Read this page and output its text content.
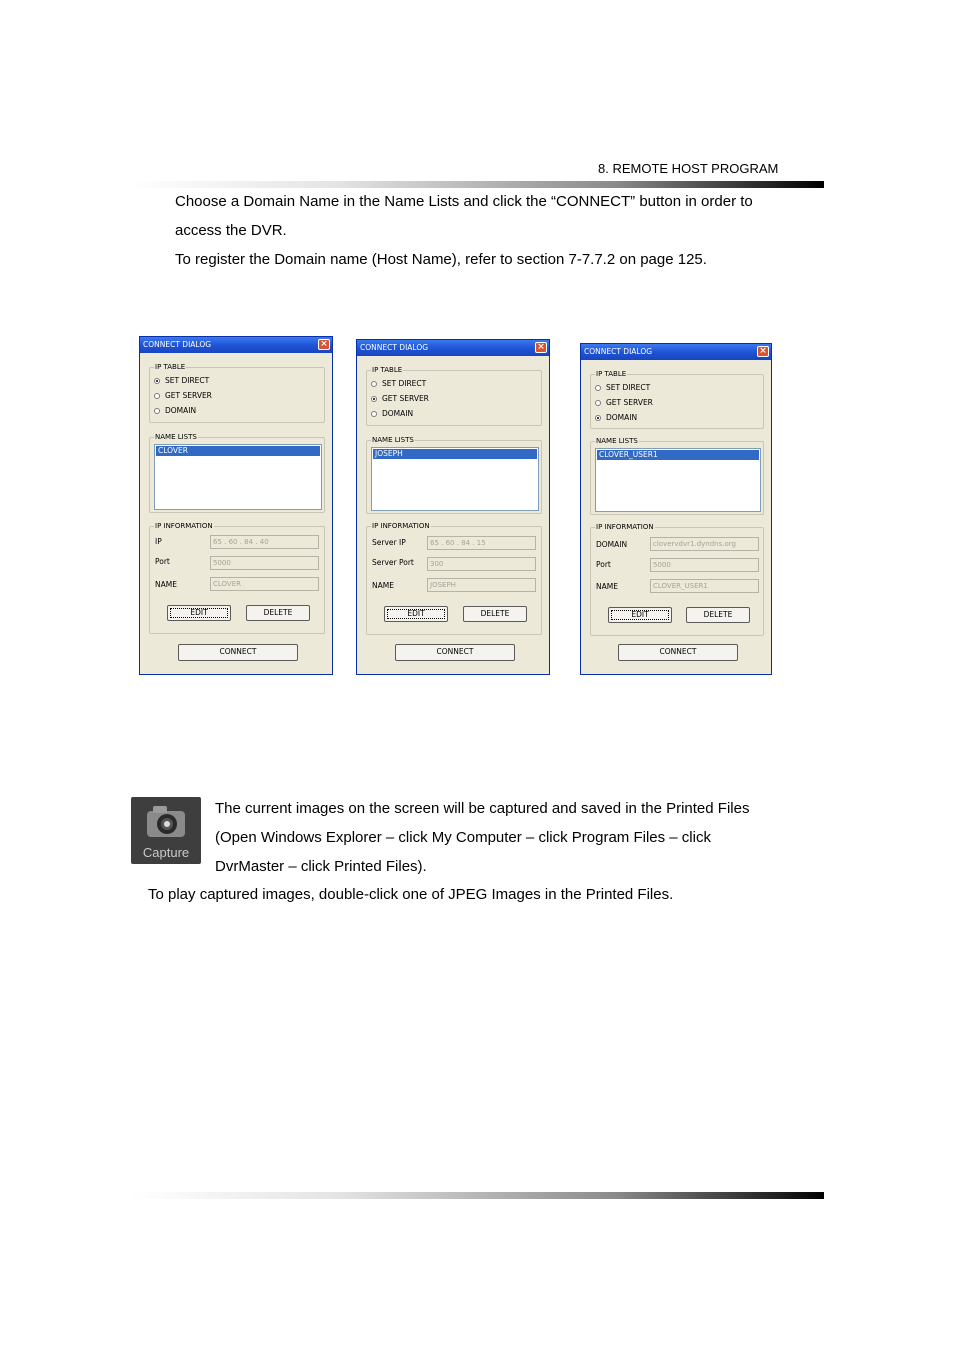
8. REMOTE HOST PROGRAM

Choose a Domain Name in the Name Lists and click the “CONNECT” button in order to

access the DVR.

To register the Domain name (Host Name), refer to section 7-7.7.2 on page 125.

CONNECT DIALOG	×
IP TABLE
SET DIRECT
GET SERVER
DOMAIN
NAME LISTS
CLOVER
IP INFORMATION
IP	65 . 60 . 84 . 40
Port	5000
NAME	CLOVER
EDIT	DELETE
CONNECT
CONNECT DIALOG	×
IP TABLE
SET DIRECT
GET SERVER
DOMAIN
NAME LISTS
JOSEPH
IP INFORMATION
Server IP	65 . 60 . 84 . 15
Server Port	300
NAME	JOSEPH
EDIT	DELETE
CONNECT
CONNECT DIALOG	×
IP TABLE
SET DIRECT
GET SERVER
DOMAIN
NAME LISTS
CLOVER_USER1
IP INFORMATION
DOMAIN	clovervdvr1.dyndns.org
Port	5000
NAME	CLOVER_USER1
EDIT	DELETE
CONNECT
Capture

The current images on the screen will be captured and saved in the Printed Files

(Open Windows Explorer – click My Computer – click Program Files – click

DvrMaster – click Printed Files).

To play captured images, double-click one of JPEG Images in the Printed Files.
